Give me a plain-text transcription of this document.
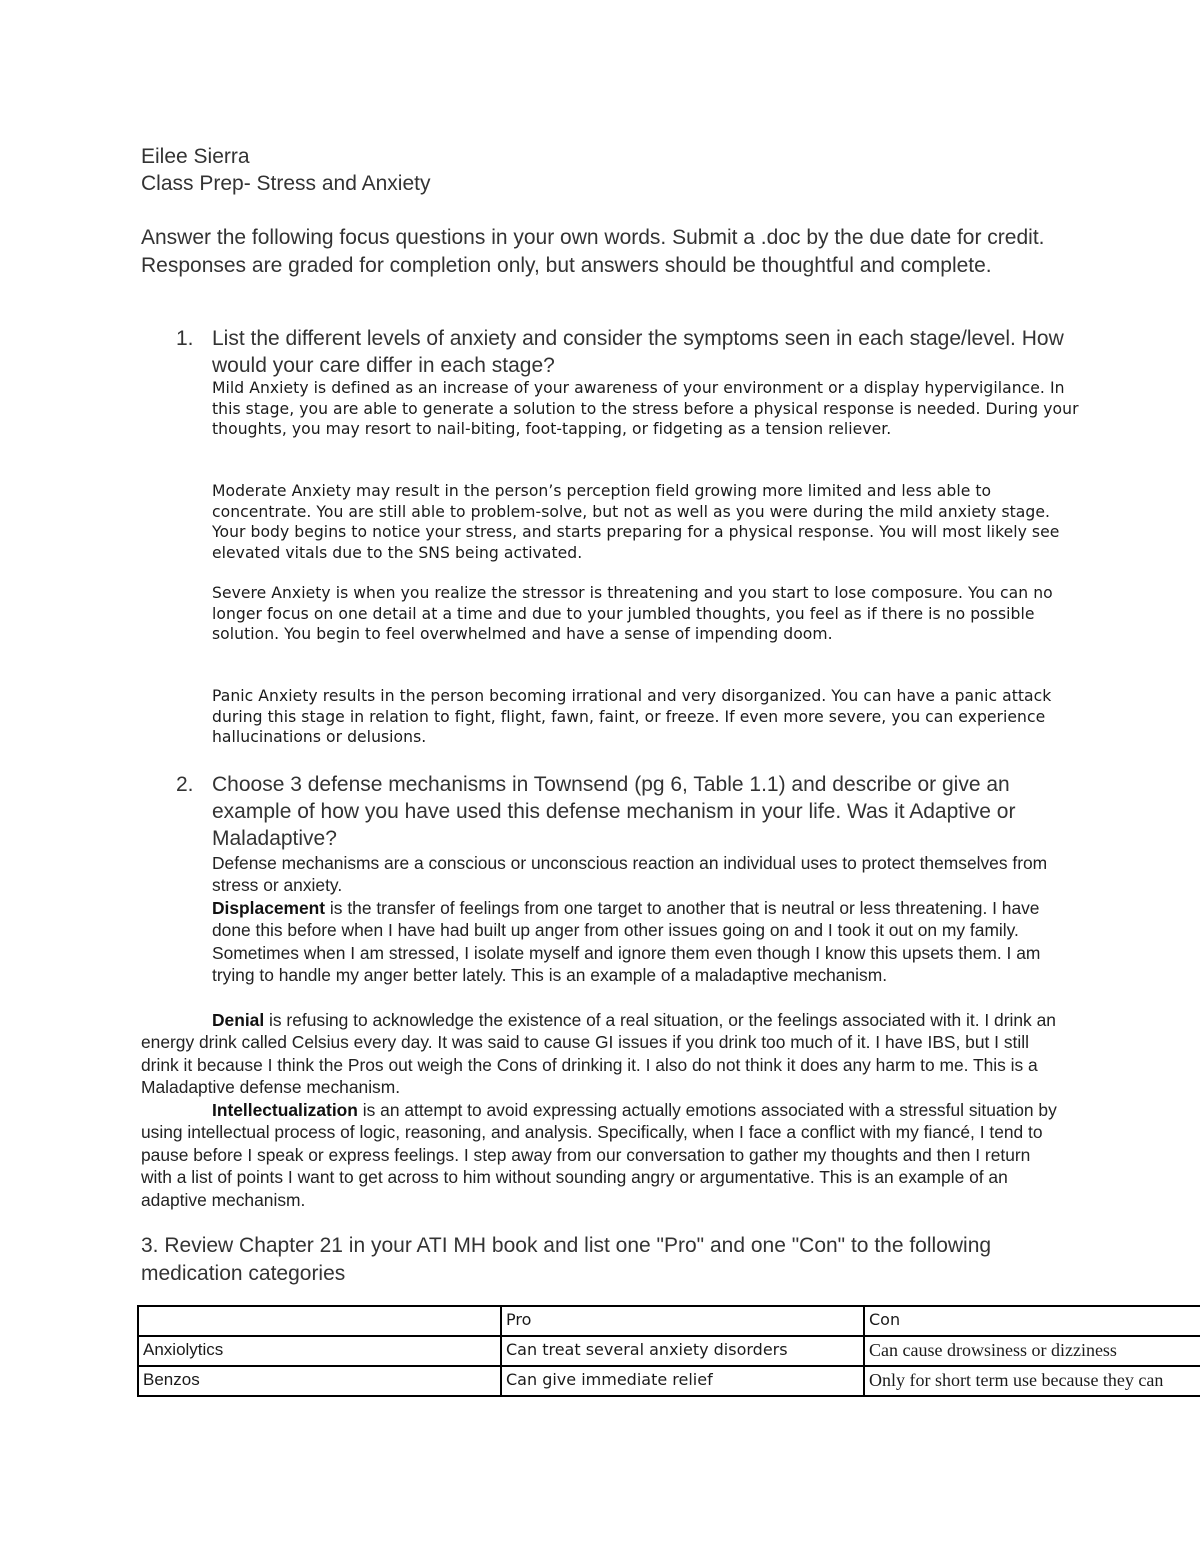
Eilee Sierra
Class Prep- Stress and Anxiety
Answer the following focus questions in your own words. Submit a .doc by the due date for credit. Responses are graded for completion only, but answers should be thoughtful and complete.
1. List the different levels of anxiety and consider the symptoms seen in each stage/level. How would your care differ in each stage?
Mild Anxiety is defined as an increase of your awareness of your environment or a display hypervigilance. In this stage, you are able to generate a solution to the stress before a physical response is needed. During your thoughts, you may resort to nail-biting, foot-tapping, or fidgeting as a tension reliever.
Moderate Anxiety may result in the person’s perception field growing more limited and less able to concentrate. You are still able to problem-solve, but not as well as you were during the mild anxiety stage. Your body begins to notice your stress, and starts preparing for a physical response. You will most likely see elevated vitals due to the SNS being activated.
Severe Anxiety is when you realize the stressor is threatening and you start to lose composure. You can no longer focus on one detail at a time and due to your jumbled thoughts, you feel as if there is no possible solution. You begin to feel overwhelmed and have a sense of impending doom.
Panic Anxiety results in the person becoming irrational and very disorganized. You can have a panic attack during this stage in relation to fight, flight, fawn, faint, or freeze. If even more severe, you can experience hallucinations or delusions.
2. Choose 3 defense mechanisms in Townsend (pg 6, Table 1.1) and describe or give an example of how you have used this defense mechanism in your life. Was it Adaptive or Maladaptive?
Defense mechanisms are a conscious or unconscious reaction an individual uses to protect themselves from stress or anxiety.
Displacement is the transfer of feelings from one target to another that is neutral or less threatening. I have done this before when I have had built up anger from other issues going on and I took it out on my family. Sometimes when I am stressed, I isolate myself and ignore them even though I know this upsets them. I am trying to handle my anger better lately. This is an example of a maladaptive mechanism.
Denial is refusing to acknowledge the existence of a real situation, or the feelings associated with it. I drink an energy drink called Celsius every day. It was said to cause GI issues if you drink too much of it. I have IBS, but I still drink it because I think the Pros out weigh the Cons of drinking it. I also do not think it does any harm to me. This is a Maladaptive defense mechanism.
Intellectualization is an attempt to avoid expressing actually emotions associated with a stressful situation by using intellectual process of logic, reasoning, and analysis. Specifically, when I face a conflict with my fiancé, I tend to pause before I speak or express feelings. I step away from our conversation to gather my thoughts and then I return with a list of points I want to get across to him without sounding angry or argumentative. This is an example of an adaptive mechanism.
3. Review Chapter 21 in your ATI MH book and list one "Pro" and one "Con" to the following medication categories
	Pro	Con
Anxiolytics	Can treat several anxiety disorders	Can cause drowsiness or dizziness
Benzos	Can give immediate relief	Only for short term use because they can
